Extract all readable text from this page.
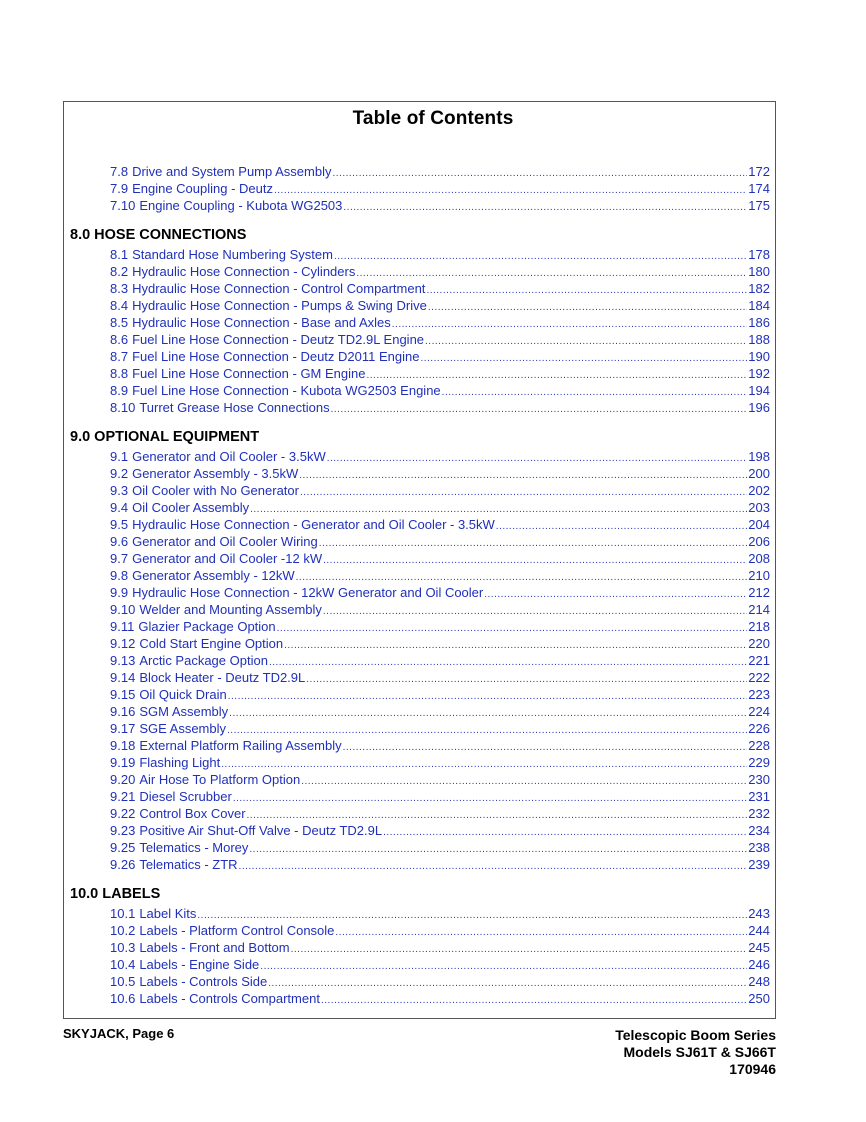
Table of Contents
7.8 Drive and System Pump Assembly .....	172
7.9 Engine Coupling - Deutz .....	174
7.10 Engine Coupling - Kubota WG2503 .....	175
8.0 HOSE CONNECTIONS
8.1 Standard Hose Numbering System .....	178
8.2 Hydraulic Hose Connection - Cylinders .....	180
8.3 Hydraulic Hose Connection - Control Compartment .....	182
8.4 Hydraulic Hose Connection - Pumps & Swing Drive .....	184
8.5 Hydraulic Hose Connection - Base and Axles .....	186
8.6 Fuel Line Hose Connection - Deutz TD2.9L Engine .....	188
8.7 Fuel Line Hose Connection - Deutz D2011 Engine .....	190
8.8 Fuel Line Hose Connection - GM Engine .....	192
8.9 Fuel Line Hose Connection - Kubota WG2503 Engine .....	194
8.10 Turret Grease Hose Connections .....	196
9.0 OPTIONAL EQUIPMENT
9.1 Generator and Oil Cooler - 3.5kW .....	198
9.2 Generator Assembly - 3.5kW .....	200
9.3 Oil Cooler with No Generator .....	202
9.4 Oil Cooler Assembly .....	203
9.5 Hydraulic Hose Connection - Generator and Oil Cooler - 3.5kW .....	204
9.6 Generator and Oil Cooler Wiring .....	206
9.7 Generator and Oil Cooler -12 kW .....	208
9.8 Generator Assembly - 12kW .....	210
9.9 Hydraulic Hose Connection - 12kW Generator and Oil Cooler .....	212
9.10 Welder and Mounting Assembly .....	214
9.11 Glazier Package Option .....	218
9.12 Cold Start Engine Option .....	220
9.13 Arctic Package Option .....	221
9.14 Block Heater - Deutz TD2.9L .....	222
9.15 Oil Quick Drain .....	223
9.16 SGM Assembly .....	224
9.17 SGE Assembly .....	226
9.18 External Platform Railing Assembly .....	228
9.19 Flashing Light .....	229
9.20 Air Hose To Platform Option .....	230
9.21 Diesel Scrubber .....	231
9.22 Control Box Cover .....	232
9.23 Positive Air Shut-Off Valve - Deutz TD2.9L .....	234
9.25 Telematics - Morey .....	238
9.26 Telematics - ZTR .....	239
10.0 LABELS
10.1 Label Kits .....	243
10.2 Labels - Platform Control Console .....	244
10.3 Labels - Front and Bottom .....	245
10.4 Labels - Engine Side .....	246
10.5 Labels - Controls Side .....	248
10.6 Labels - Controls Compartment .....	250
SKYJACK, Page 6	Telescopic Boom Series
Models SJ61T & SJ66T
170946
